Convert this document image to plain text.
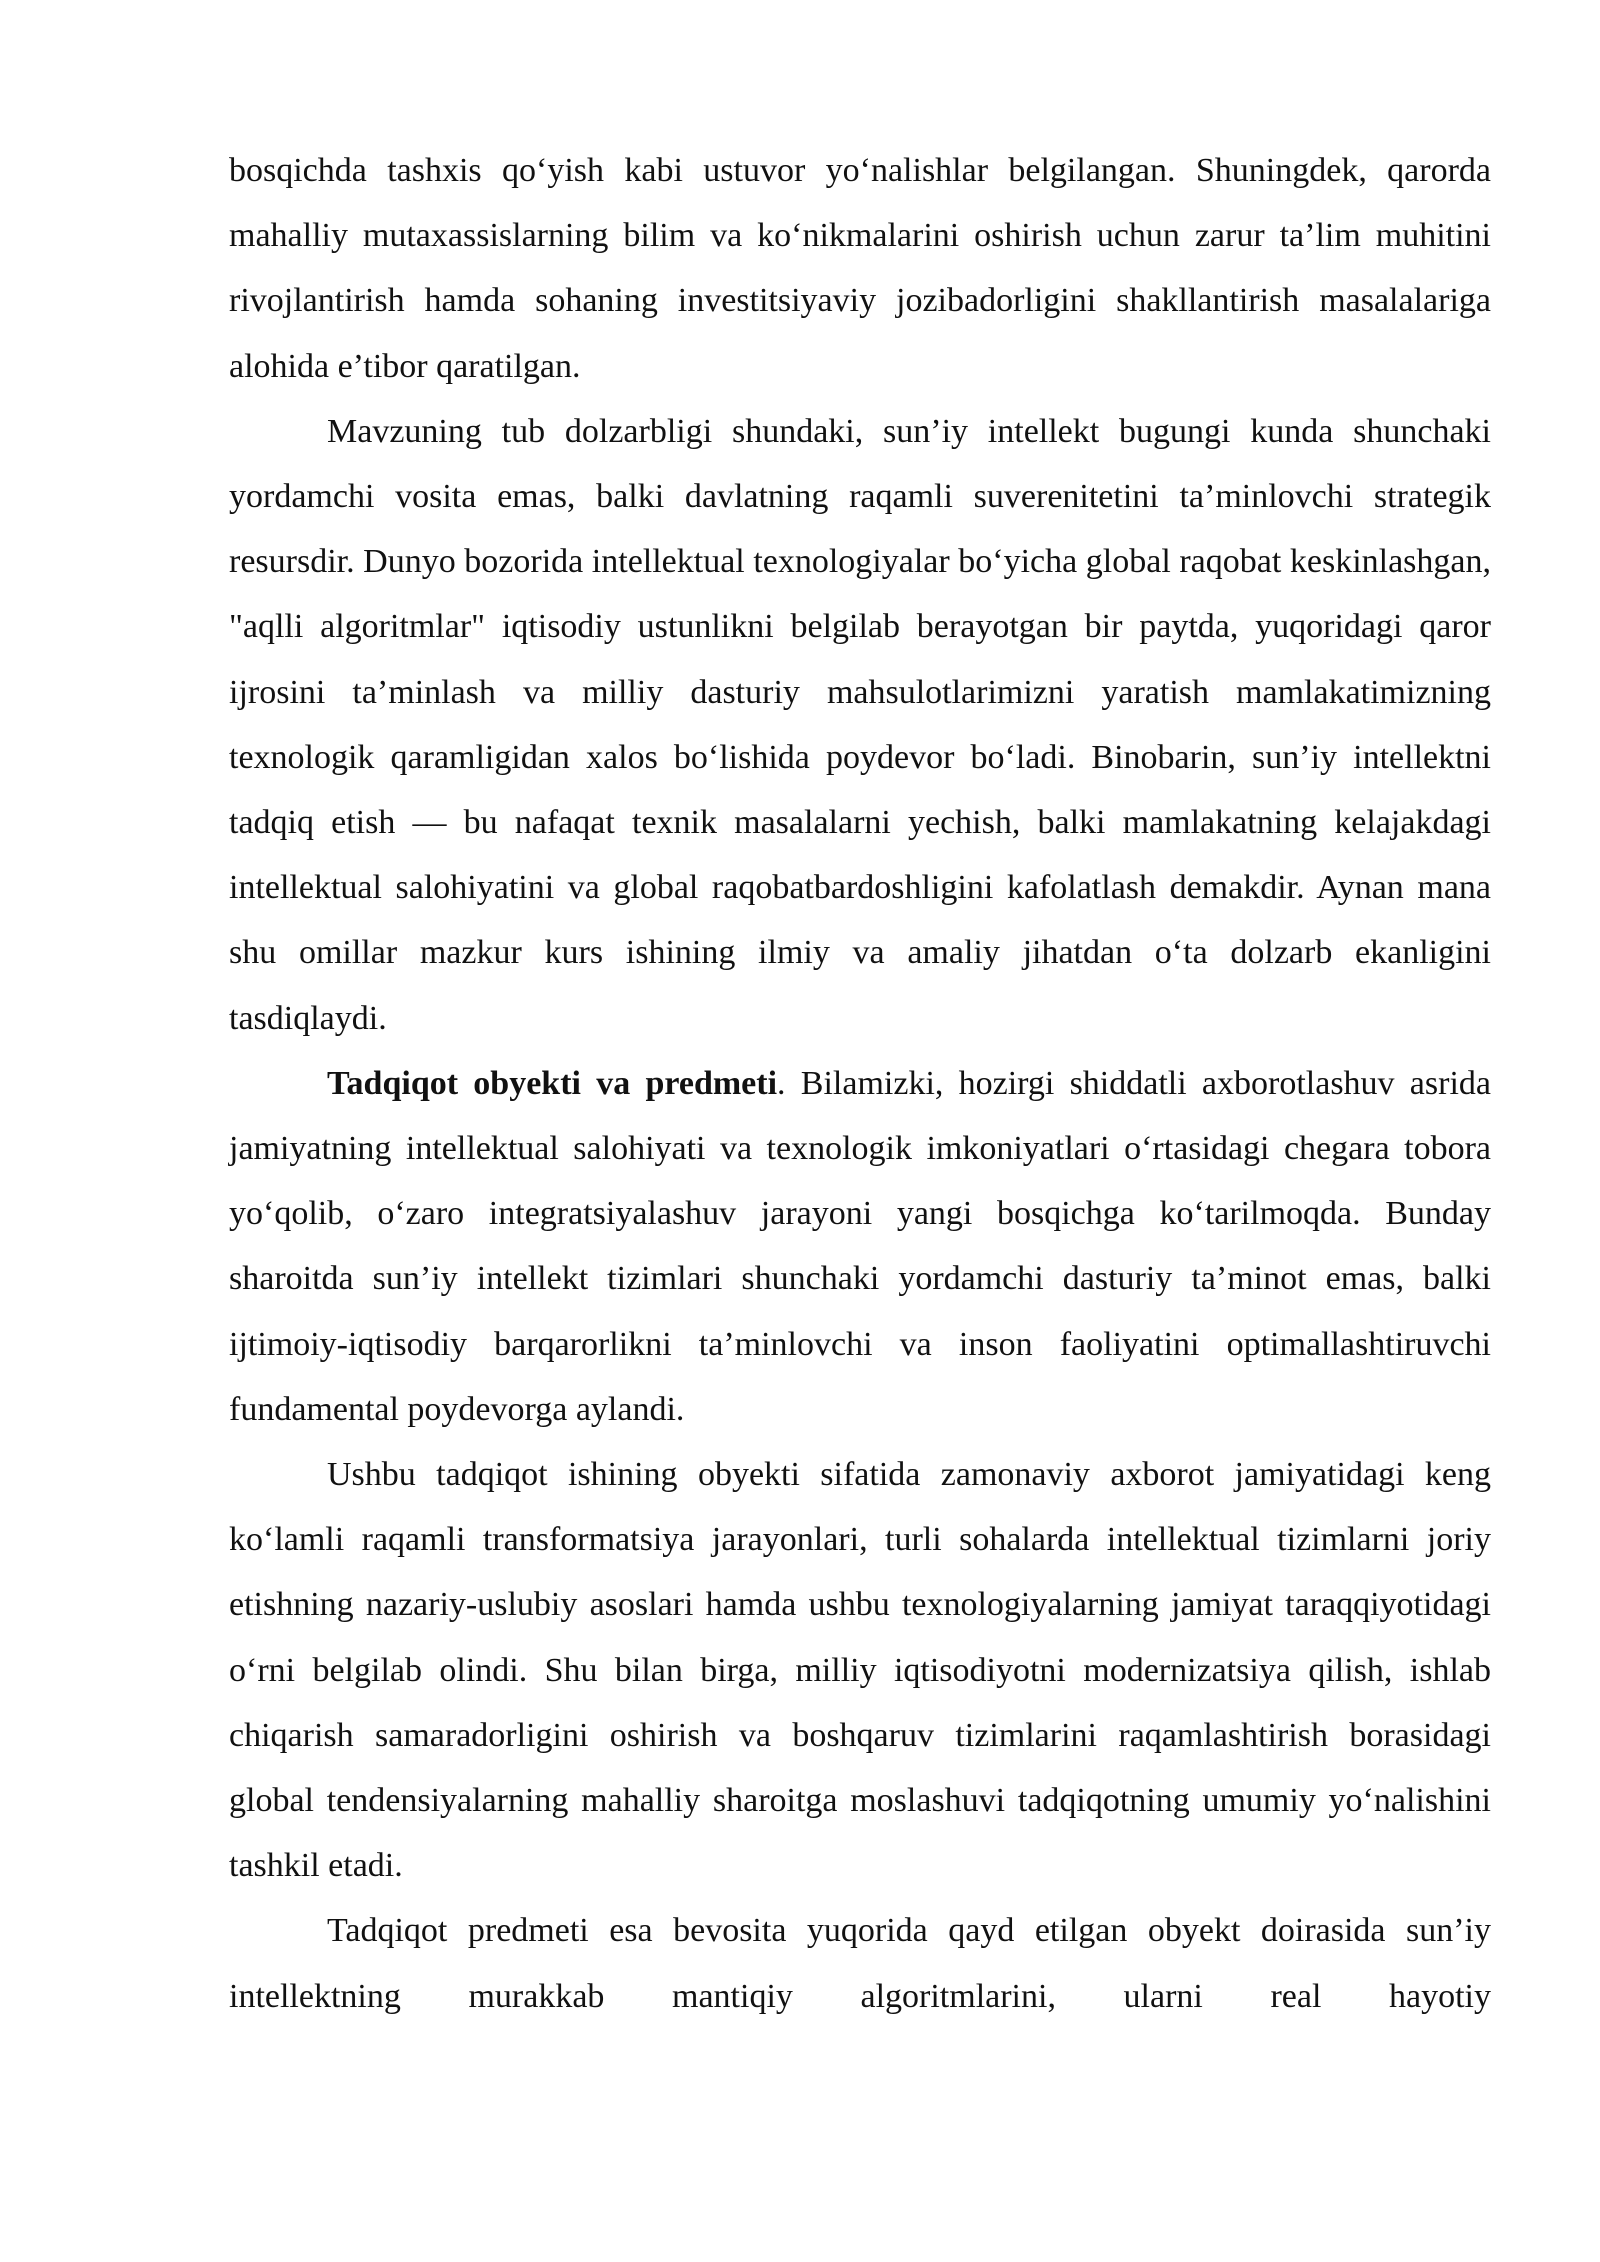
bosqichda tashxis qo‘yish kabi ustuvor yo‘nalishlar belgilangan. Shuningdek, qarorda mahalliy mutaxassislarning bilim va ko‘nikmalarini oshirish uchun zarur ta’lim muhitini rivojlantirish hamda sohaning investitsiyaviy jozibadorligini shakllantirish masalalariga alohida e’tibor qaratilgan.

Mavzuning tub dolzarbligi shundaki, sun’iy intellekt bugungi kunda shunchaki yordamchi vosita emas, balki davlatning raqamli suverenitetini ta’minlovchi strategik resursdir. Dunyo bozorida intellektual texnologiyalar bo‘yicha global raqobat keskinlashgan, "aqlli algoritmlar" iqtisodiy ustunlikni belgilab berayotgan bir paytda, yuqoridagi qaror ijrosini ta’minlash va milliy dasturiy mahsulotlarimizni yaratish mamlakatimizning texnologik qaramligidan xalos bo‘lishida poydevor bo‘ladi. Binobarin, sun’iy intellektni tadqiq etish — bu nafaqat texnik masalalarni yechish, balki mamlakatning kelajakdagi intellektual salohiyatini va global raqobatbardoshligini kafolatlash demakdir. Aynan mana shu omillar mazkur kurs ishining ilmiy va amaliy jihatdan o‘ta dolzarb ekanligini tasdiqlaydi.

Tadqiqot obyekti va predmeti. Bilamizki, hozirgi shiddatli axborotlashuv asrida jamiyatning intellektual salohiyati va texnologik imkoniyatlari o‘rtasidagi chegara tobora yo‘qolib, o‘zaro integratsiyalashuv jarayoni yangi bosqichga ko‘tarilmoqda. Bunday sharoitda sun’iy intellekt tizimlari shunchaki yordamchi dasturiy ta’minot emas, balki ijtimoiy-iqtisodiy barqarorlikni ta’minlovchi va inson faoliyatini optimallashtiruvchi fundamental poydevorga aylandi.

Ushbu tadqiqot ishining obyekti sifatida zamonaviy axborot jamiyatidagi keng ko‘lamli raqamli transformatsiya jarayonlari, turli sohalarda intellektual tizimlarni joriy etishning nazariy-uslubiy asoslari hamda ushbu texnologiyalarning jamiyat taraqqiyotidagi o‘rni belgilab olindi. Shu bilan birga, milliy iqtisodiyotni modernizatsiya qilish, ishlab chiqarish samaradorligini oshirish va boshqaruv tizimlarini raqamlashtirish borasidagi global tendensiyalarning mahalliy sharoitga moslashuvi tadqiqotning umumiy yo‘nalishini tashkil etadi.

Tadqiqot predmeti esa bevosita yuqorida qayd etilgan obyekt doirasida sun’iy intellektning murakkab mantiqiy algoritmlarini, ularni real hayotiy
